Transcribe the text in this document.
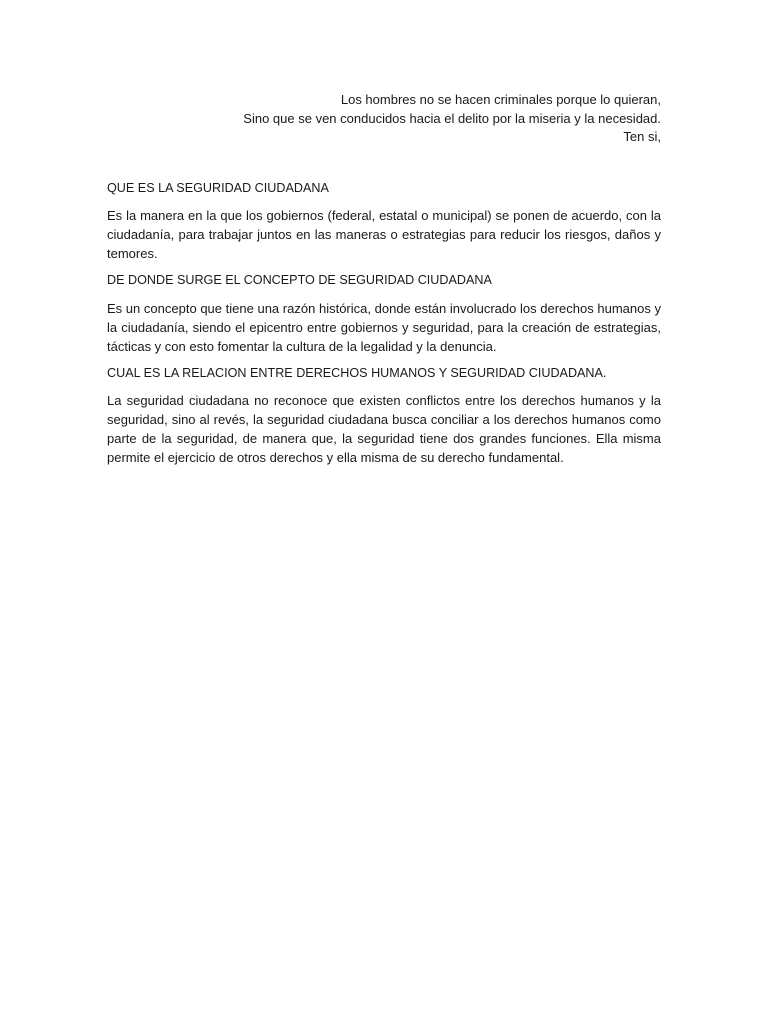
Los hombres no se hacen criminales porque lo quieran,
Sino que se ven conducidos hacia el delito por la miseria y la necesidad.
Ten si,

QUE ES LA SEGURIDAD CIUDADANA

Es la manera en la que los gobiernos (federal, estatal o municipal) se ponen de acuerdo, con la ciudadanía, para trabajar juntos en las maneras o estrategias para reducir los riesgos, daños y temores.

DE DONDE SURGE EL CONCEPTO DE SEGURIDAD CIUDADANA

Es un concepto que tiene una razón histórica, donde están involucrado los derechos humanos y la ciudadanía, siendo el epicentro entre gobiernos y seguridad, para la creación de estrategias, tácticas y con esto fomentar la cultura de la legalidad y la denuncia.

CUAL ES LA RELACION ENTRE DERECHOS HUMANOS Y SEGURIDAD CIUDADANA.

La seguridad ciudadana no reconoce que existen conflictos entre los derechos humanos y la seguridad, sino al revés, la seguridad ciudadana busca conciliar a los derechos humanos como parte de la seguridad, de manera que, la seguridad tiene dos grandes funciones. Ella misma permite el ejercicio de otros derechos y ella misma de su derecho fundamental.
